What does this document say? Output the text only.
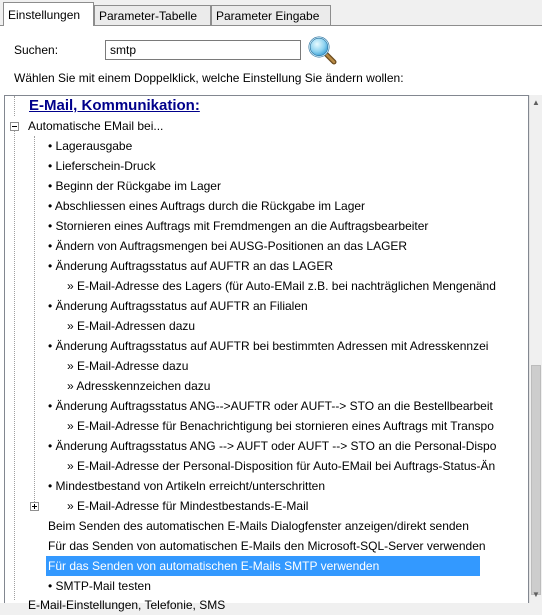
Einstellungen	Parameter-Tabelle	Parameter Eingabe
Suchen:
smtp
Wählen Sie mit einem Doppelklick, welche Einstellung Sie ändern wollen:
E-Mail, Kommunikation:
Automatische EMail bei...
• Lagerausgabe
• Lieferschein-Druck
• Beginn der Rückgabe im Lager
• Abschliessen eines Auftrags durch die Rückgabe im Lager
• Stornieren eines Auftrags mit Fremdmengen an die Auftragsbearbeiter
• Ändern von Auftragsmengen bei AUSG-Positionen an das LAGER
• Änderung Auftragsstatus auf AUFTR an das LAGER
» E-Mail-Adresse des Lagers (für Auto-EMail z.B. bei nachträglichen Mengenänd
• Änderung Auftragsstatus auf AUFTR an Filialen
» E-Mail-Adressen dazu
• Änderung Auftragsstatus auf AUFTR bei bestimmten Adressen mit Adresskennzei
» E-Mail-Adresse dazu
» Adresskennzeichen dazu
• Änderung Auftragsstatus ANG-->AUFTR oder AUFT--> STO an die Bestellbearbeit
» E-Mail-Adresse für Benachrichtigung bei stornieren eines Auftrags mit Transpo
• Änderung Auftragsstatus ANG --> AUFT oder AUFT --> STO an die Personal-Dispo
» E-Mail-Adresse der Personal-Disposition für Auto-EMail bei Auftrags-Status-Än
• Mindestbestand von Artikeln erreicht/unterschritten
» E-Mail-Adresse für Mindestbestands-E-Mail
Beim Senden des automatischen E-Mails Dialogfenster anzeigen/direkt senden
Für das Senden von automatischen E-Mails den Microsoft-SQL-Server verwenden
Für das Senden von automatischen E-Mails SMTP verwenden
• SMTP-Mail testen
E-Mail-Einstellungen, Telefonie, SMS
▲
▼
